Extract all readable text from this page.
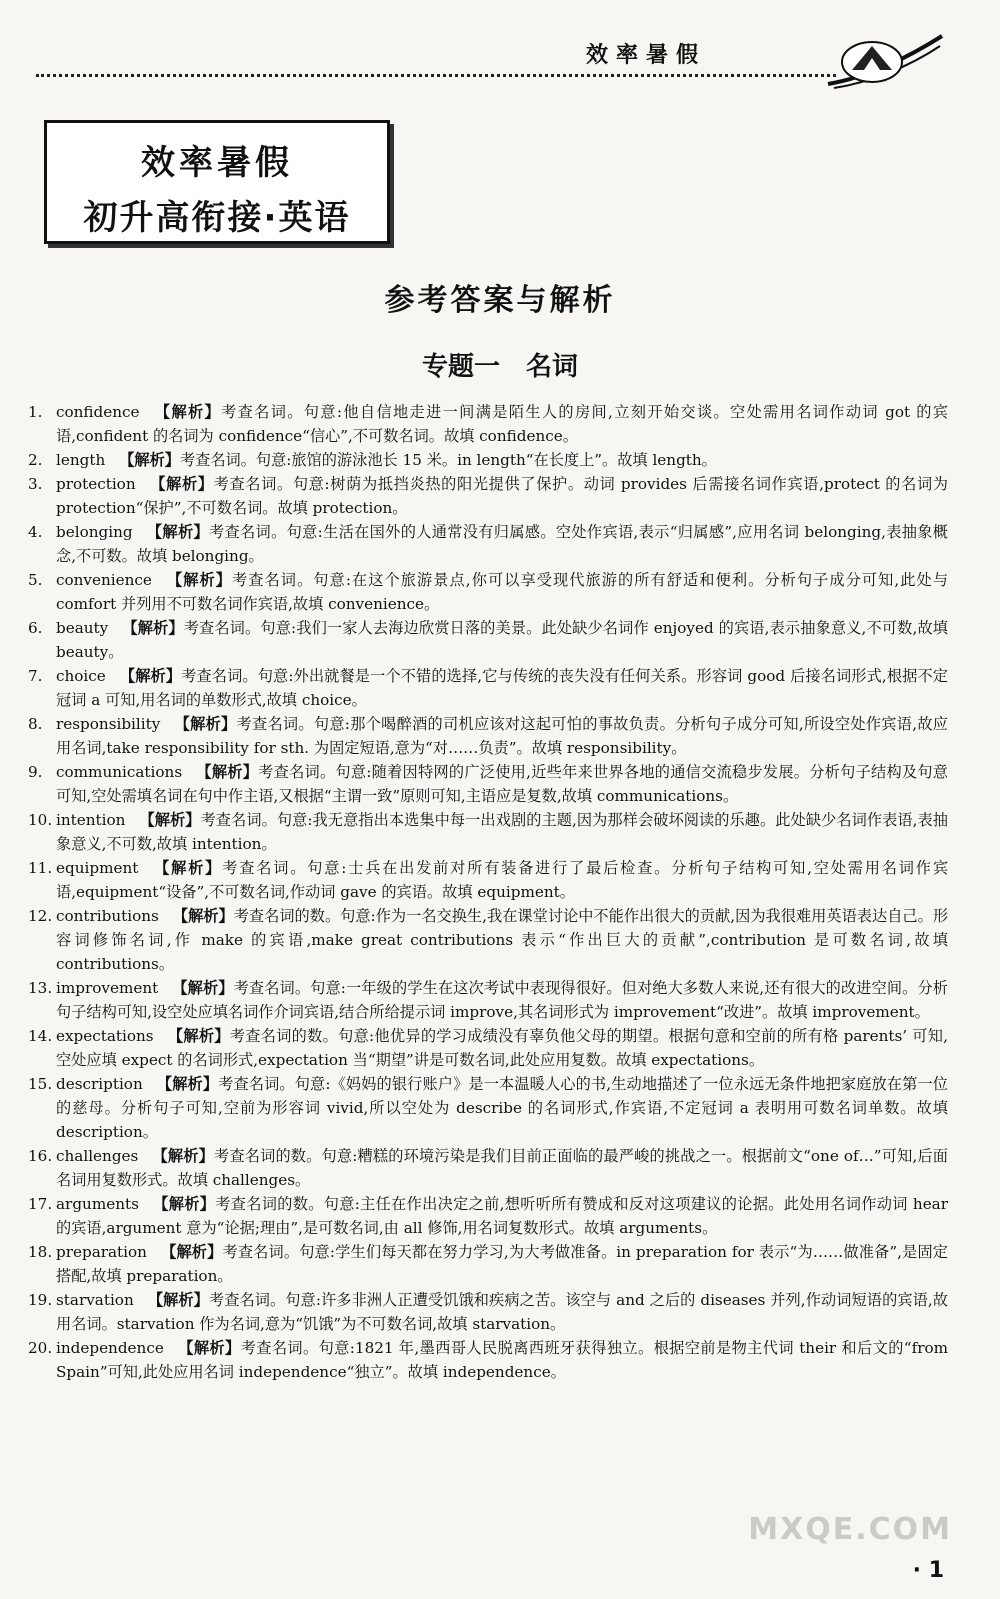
效率暑假
效率暑假
初升高衔接·英语
参考答案与解析
专题一 名词
1. confidence 【解析】考查名词。句意:他自信地走进一间满是陌生人的房间,立刻开始交谈。空处需用名词作动词 got 的宾语,confident 的名词为 confidence“信心”,不可数名词。故填 confidence。
2. length 【解析】考查名词。句意:旅馆的游泳池长 15 米。in length“在长度上”。故填 length。
3. protection 【解析】考查名词。句意:树荫为抵挡炎热的阳光提供了保护。动词 provides 后需接名词作宾语,protect 的名词为 protection“保护”,不可数名词。故填 protection。
4. belonging 【解析】考查名词。句意:生活在国外的人通常没有归属感。空处作宾语,表示“归属感”,应用名词 belonging,表抽象概念,不可数。故填 belonging。
5. convenience 【解析】考查名词。句意:在这个旅游景点,你可以享受现代旅游的所有舒适和便利。分析句子成分可知,此处与 comfort 并列用不可数名词作宾语,故填 convenience。
6. beauty 【解析】考查名词。句意:我们一家人去海边欣赏日落的美景。此处缺少名词作 enjoyed 的宾语,表示抽象意义,不可数,故填 beauty。
7. choice 【解析】考查名词。句意:外出就餐是一个不错的选择,它与传统的丧失没有任何关系。形容词 good 后接名词形式,根据不定冠词 a 可知,用名词的单数形式,故填 choice。
8. responsibility 【解析】考查名词。句意:那个喝醉酒的司机应该对这起可怕的事故负责。分析句子成分可知,所设空处作宾语,故应用名词,take responsibility for sth. 为固定短语,意为“对……负责”。故填 responsibility。
9. communications 【解析】考查名词。句意:随着因特网的广泛使用,近些年来世界各地的通信交流稳步发展。分析句子结构及句意可知,空处需填名词在句中作主语,又根据“主谓一致”原则可知,主语应是复数,故填 communications。
10. intention 【解析】考查名词。句意:我无意指出本选集中每一出戏剧的主题,因为那样会破坏阅读的乐趣。此处缺少名词作表语,表抽象意义,不可数,故填 intention。
11. equipment 【解析】考查名词。句意:士兵在出发前对所有装备进行了最后检查。分析句子结构可知,空处需用名词作宾语,equipment“设备”,不可数名词,作动词 gave 的宾语。故填 equipment。
12. contributions 【解析】考查名词的数。句意:作为一名交换生,我在课堂讨论中不能作出很大的贡献,因为我很难用英语表达自己。形容词修饰名词,作 make 的宾语,make great contributions 表示“作出巨大的贡献”,contribution 是可数名词,故填 contributions。
13. improvement 【解析】考查名词。句意:一年级的学生在这次考试中表现得很好。但对绝大多数人来说,还有很大的改进空间。分析句子结构可知,设空处应填名词作介词宾语,结合所给提示词 improve,其名词形式为 improvement“改进”。故填 improvement。
14. expectations 【解析】考查名词的数。句意:他优异的学习成绩没有辜负他父母的期望。根据句意和空前的所有格 parents’ 可知,空处应填 expect 的名词形式,expectation 当“期望”讲是可数名词,此处应用复数。故填 expectations。
15. description 【解析】考查名词。句意:《妈妈的银行账户》是一本温暖人心的书,生动地描述了一位永远无条件地把家庭放在第一位的慈母。分析句子可知,空前为形容词 vivid,所以空处为 describe 的名词形式,作宾语,不定冠词 a 表明用可数名词单数。故填 description。
16. challenges 【解析】考查名词的数。句意:糟糕的环境污染是我们目前正面临的最严峻的挑战之一。根据前文“one of…”可知,后面名词用复数形式。故填 challenges。
17. arguments 【解析】考查名词的数。句意:主任在作出决定之前,想听听所有赞成和反对这项建议的论据。此处用名词作动词 hear 的宾语,argument 意为“论据;理由”,是可数名词,由 all 修饰,用名词复数形式。故填 arguments。
18. preparation 【解析】考查名词。句意:学生们每天都在努力学习,为大考做准备。in preparation for 表示“为……做准备”,是固定搭配,故填 preparation。
19. starvation 【解析】考查名词。句意:许多非洲人正遭受饥饿和疾病之苦。该空与 and 之后的 diseases 并列,作动词短语的宾语,故用名词。starvation 作为名词,意为“饥饿”为不可数名词,故填 starvation。
20. independence 【解析】考查名词。句意:1821 年,墨西哥人民脱离西班牙获得独立。根据空前是物主代词 their 和后文的“from Spain”可知,此处应用名词 independence“独立”。故填 independence。
MXQE.COM
· 1
